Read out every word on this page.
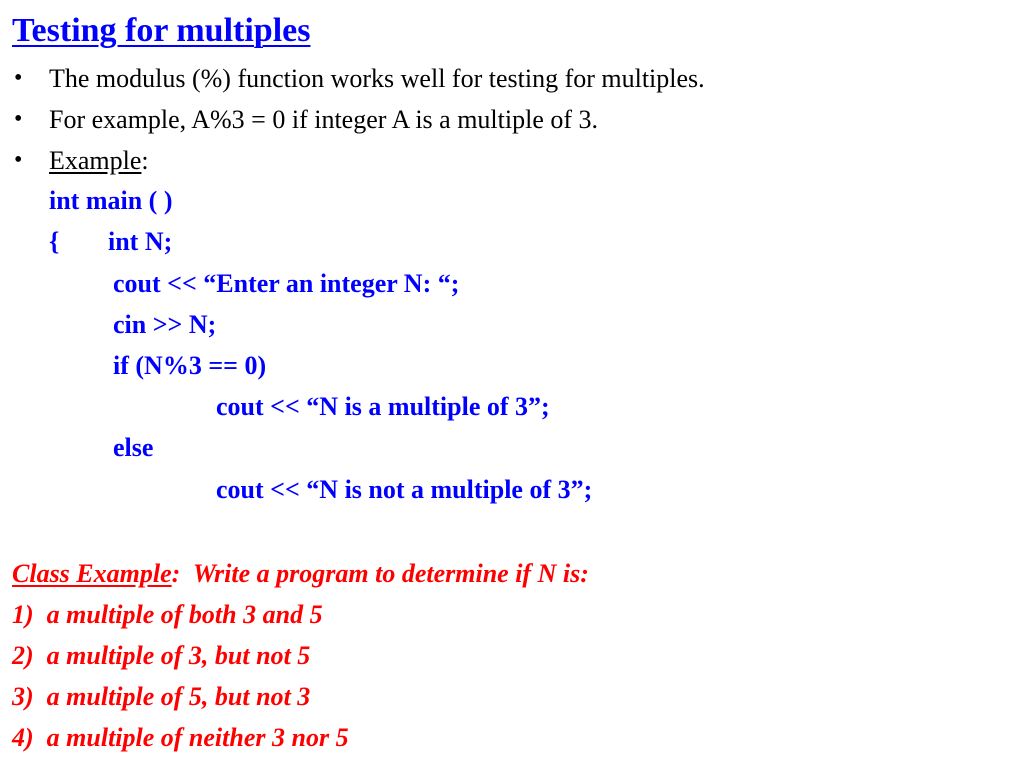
Testing for multiples
• The modulus (%) function works well for testing for multiples.
• For example, A%3 = 0 if integer A is a multiple of 3.
• Example:
int main ( )
{ int N;
cout << “Enter an integer N: “;
cin >> N;
if (N%3 == 0)
cout << “N is a multiple of 3”;
else
cout << “N is not a multiple of 3”;
Class Example:  Write a program to determine if N is:
1)  a multiple of both 3 and 5
2)  a multiple of 3, but not 5
3)  a multiple of 5, but not 3
4)  a multiple of neither 3 nor 5
